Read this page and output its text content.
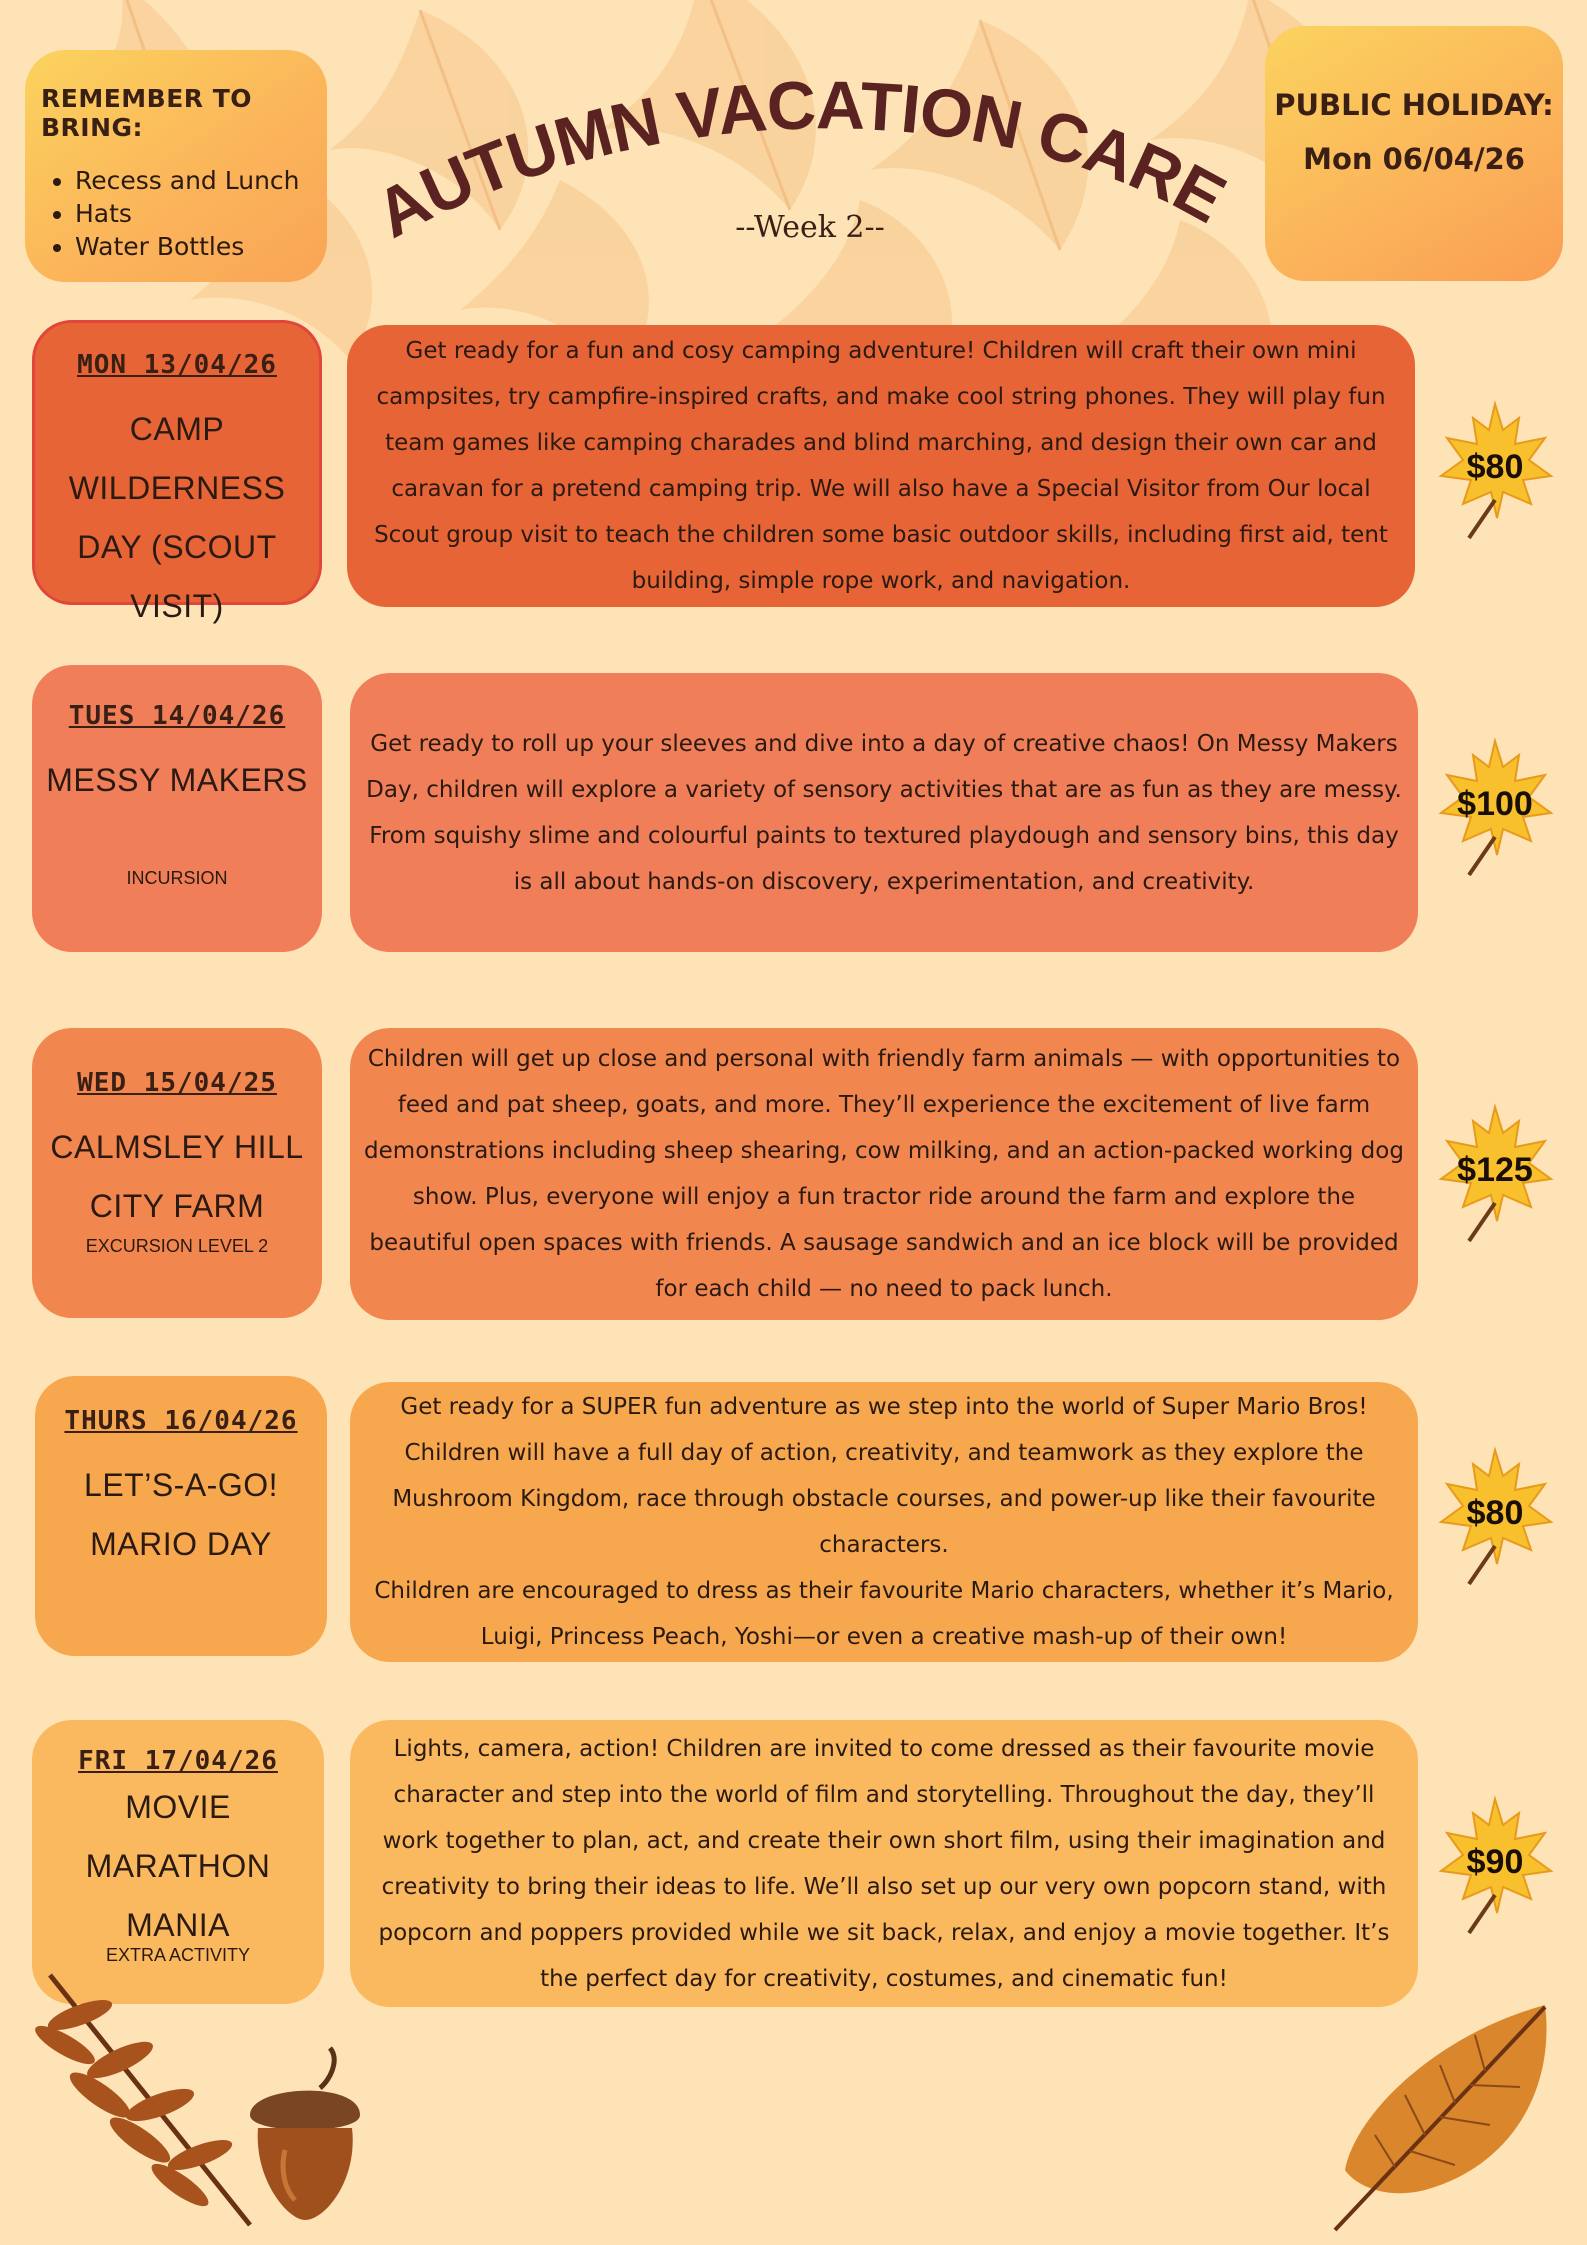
REMEMBER TO BRING:
• Recess and Lunch
• Hats
• Water Bottles	AUTUMN VACATION CARE
--Week 2--
PUBLIC HOLIDAY:
Mon 06/04/26
MON 13/04/26
CAMP WILDERNESS
DAY (SCOUT VISIT)

Get ready for a fun and cosy camping adventure! Children will craft their own mini campsites, try campfire-inspired crafts, and make cool string phones. They will play fun team games like camping charades and blind marching, and design their own car and caravan for a pretend camping trip. We will also have a Special Visitor from Our local Scout group visit to teach the children some basic outdoor skills, including first aid, tent building, simple rope work, and navigation.

TUES 14/04/26
MESSY MAKERS
INCURSION

Get ready to roll up your sleeves and dive into a day of creative chaos! On Messy Makers Day, children will explore a variety of sensory activities that are as fun as they are messy. From squishy slime and colourful paints to textured playdough and sensory bins, this day is all about hands-on discovery, experimentation, and creativity.

WED 15/04/25
CALMSLEY HILL
CITY FARM
EXCURSION LEVEL 2

Children will get up close and personal with friendly farm animals — with opportunities to feed and pat sheep, goats, and more. They’ll experience the excitement of live farm demonstrations including sheep shearing, cow milking, and an action-packed working dog show. Plus, everyone will enjoy a fun tractor ride around the farm and explore the beautiful open spaces with friends. A sausage sandwich and an ice block will be provided for each child — no need to pack lunch.

THURS 16/04/26
LET’S-A-GO!
MARIO DAY

Get ready for a SUPER fun adventure as we step into the world of Super Mario Bros! Children will have a full day of action, creativity, and teamwork as they explore the Mushroom Kingdom, race through obstacle courses, and power-up like their favourite characters.

Children are encouraged to dress as their favourite Mario characters, whether it’s Mario, Luigi, Princess Peach, Yoshi—or even a creative mash-up of their own!

FRI 17/04/26
MOVIE
MARATHON
MANIA
EXTRA ACTIVITY

Lights, camera, action! Children are invited to come dressed as their favourite movie character and step into the world of film and storytelling. Throughout the day, they’ll work together to plan, act, and create their own short film, using their imagination and creativity to bring their ideas to life. We’ll also set up our very own popcorn stand, with popcorn and poppers provided while we sit back, relax, and enjoy a movie together. It’s the perfect day for creativity, costumes, and cinematic fun!

$80
$100
$125
$80
$90
